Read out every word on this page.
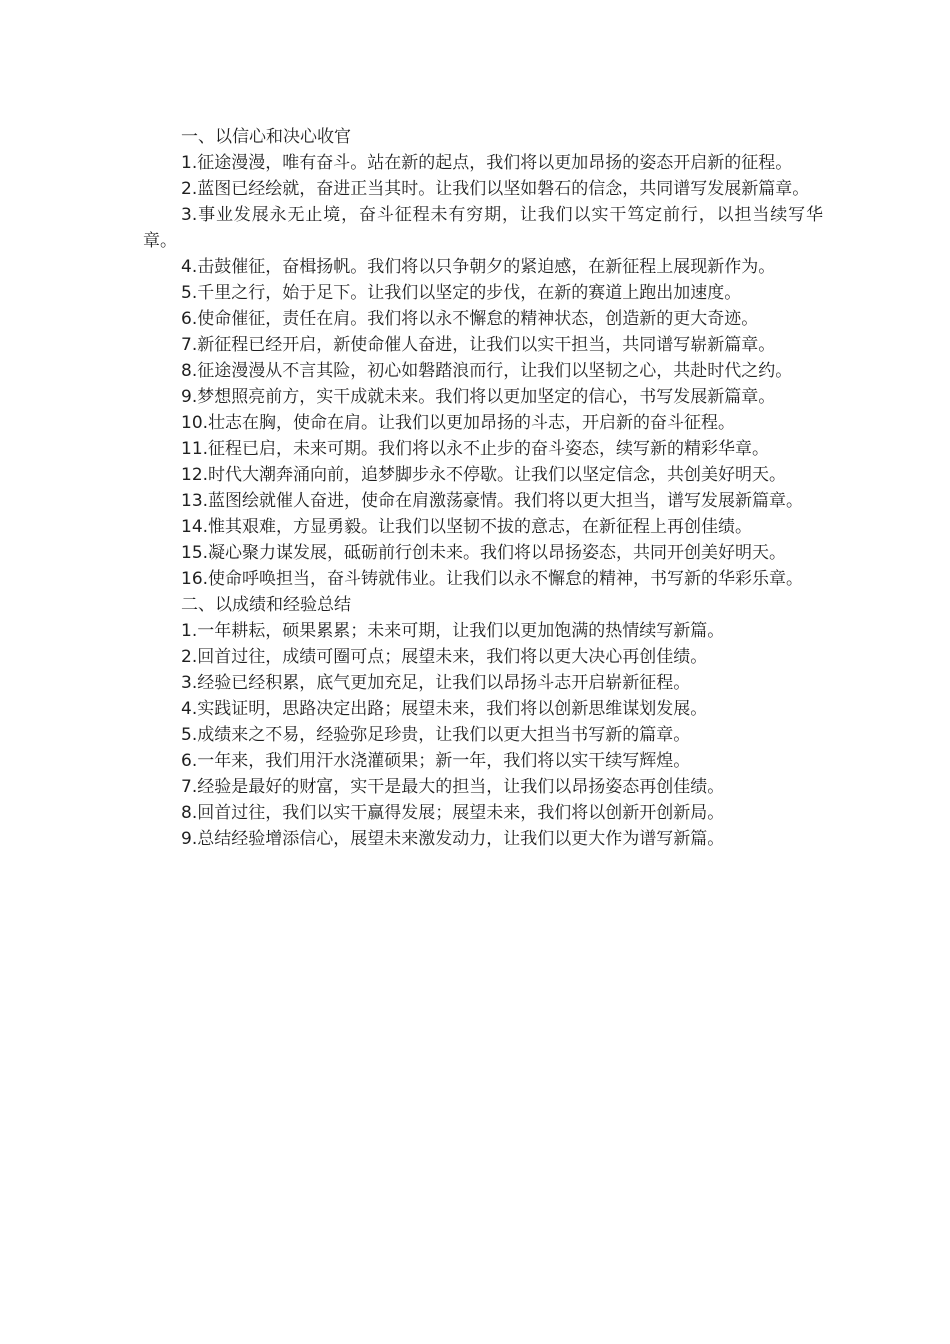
一、以信心和决心收官

1.征途漫漫，唯有奋斗。站在新的起点，我们将以更加昂扬的姿态开启新的征程。

2.蓝图已经绘就，奋进正当其时。让我们以坚如磐石的信念，共同谱写发展新篇章。

3.事业发展永无止境，奋斗征程未有穷期，让我们以实干笃定前行，以担当续写华章。

4.击鼓催征，奋楫扬帆。我们将以只争朝夕的紧迫感，在新征程上展现新作为。

5.千里之行，始于足下。让我们以坚定的步伐，在新的赛道上跑出加速度。

6.使命催征，责任在肩。我们将以永不懈怠的精神状态，创造新的更大奇迹。

7.新征程已经开启，新使命催人奋进，让我们以实干担当，共同谱写崭新篇章。

8.征途漫漫从不言其险，初心如磐踏浪而行，让我们以坚韧之心，共赴时代之约。

9.梦想照亮前方，实干成就未来。我们将以更加坚定的信心，书写发展新篇章。

10.壮志在胸，使命在肩。让我们以更加昂扬的斗志，开启新的奋斗征程。

11.征程已启，未来可期。我们将以永不止步的奋斗姿态，续写新的精彩华章。

12.时代大潮奔涌向前，追梦脚步永不停歇。让我们以坚定信念，共创美好明天。

13.蓝图绘就催人奋进，使命在肩激荡豪情。我们将以更大担当，谱写发展新篇章。

14.惟其艰难，方显勇毅。让我们以坚韧不拔的意志，在新征程上再创佳绩。

15.凝心聚力谋发展，砥砺前行创未来。我们将以昂扬姿态，共同开创美好明天。

16.使命呼唤担当，奋斗铸就伟业。让我们以永不懈怠的精神，书写新的华彩乐章。

二、以成绩和经验总结

1.一年耕耘，硕果累累；未来可期，让我们以更加饱满的热情续写新篇。

2.回首过往，成绩可圈可点；展望未来，我们将以更大决心再创佳绩。

3.经验已经积累，底气更加充足，让我们以昂扬斗志开启崭新征程。

4.实践证明，思路决定出路；展望未来，我们将以创新思维谋划发展。

5.成绩来之不易，经验弥足珍贵，让我们以更大担当书写新的篇章。

6.一年来，我们用汗水浇灌硕果；新一年，我们将以实干续写辉煌。

7.经验是最好的财富，实干是最大的担当，让我们以昂扬姿态再创佳绩。

8.回首过往，我们以实干赢得发展；展望未来，我们将以创新开创新局。

9.总结经验增添信心，展望未来激发动力，让我们以更大作为谱写新篇。
